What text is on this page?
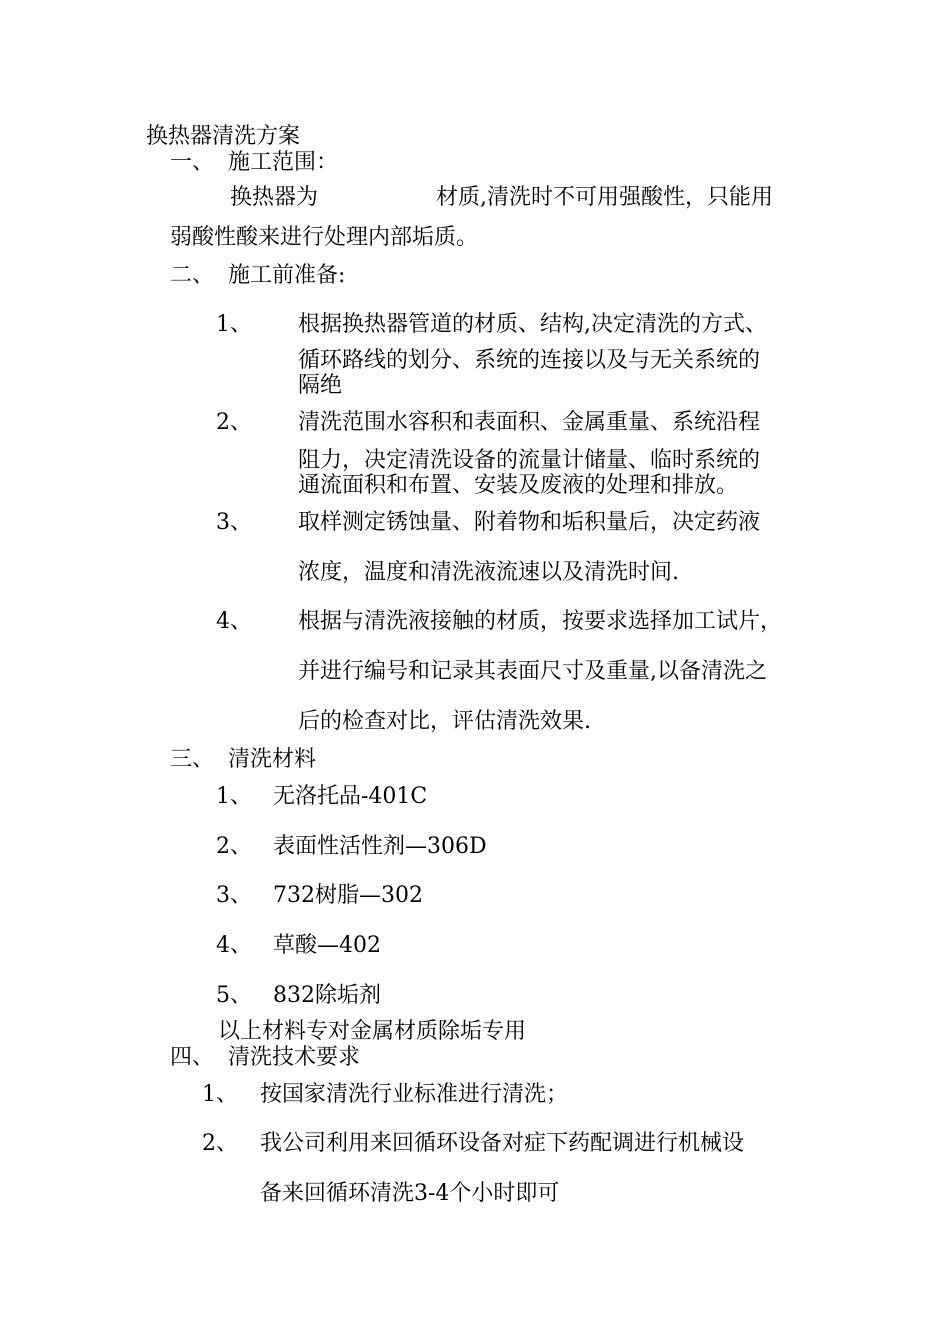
换热器清洗方案
一、 施工范围：
换热器为	材质,清洗时不可用强酸性，只能用
弱酸性酸来进行处理内部垢质。
二、 施工前准备:
1、 根据换热器管道的材质、结构,决定清洗的方式、
循环路线的划分、系统的连接以及与无关系统的
隔绝
2、 清洗范围水容积和表面积、金属重量、系统沿程
阻力，决定清洗设备的流量计储量、临时系统的
通流面积和布置、安装及废液的处理和排放。
3、 取样测定锈蚀量、附着物和垢积量后，决定药液
浓度，温度和清洗液流速以及清洗时间.
4、 根据与清洗液接触的材质，按要求选择加工试片，
并进行编号和记录其表面尺寸及重量,以备清洗之
后的检查对比，评估清洗效果.
三、 清洗材料
1、 无洛托品-401C
2、 表面性活性剂—306D
3、 732树脂—302
4、 草酸—402
5、 832除垢剂
以上材料专对金属材质除垢专用
四、 清洗技术要求
1、 按国家清洗行业标准进行清洗；
2、 我公司利用来回循环设备对症下药配调进行机械设
备来回循环清洗3-4个小时即可
